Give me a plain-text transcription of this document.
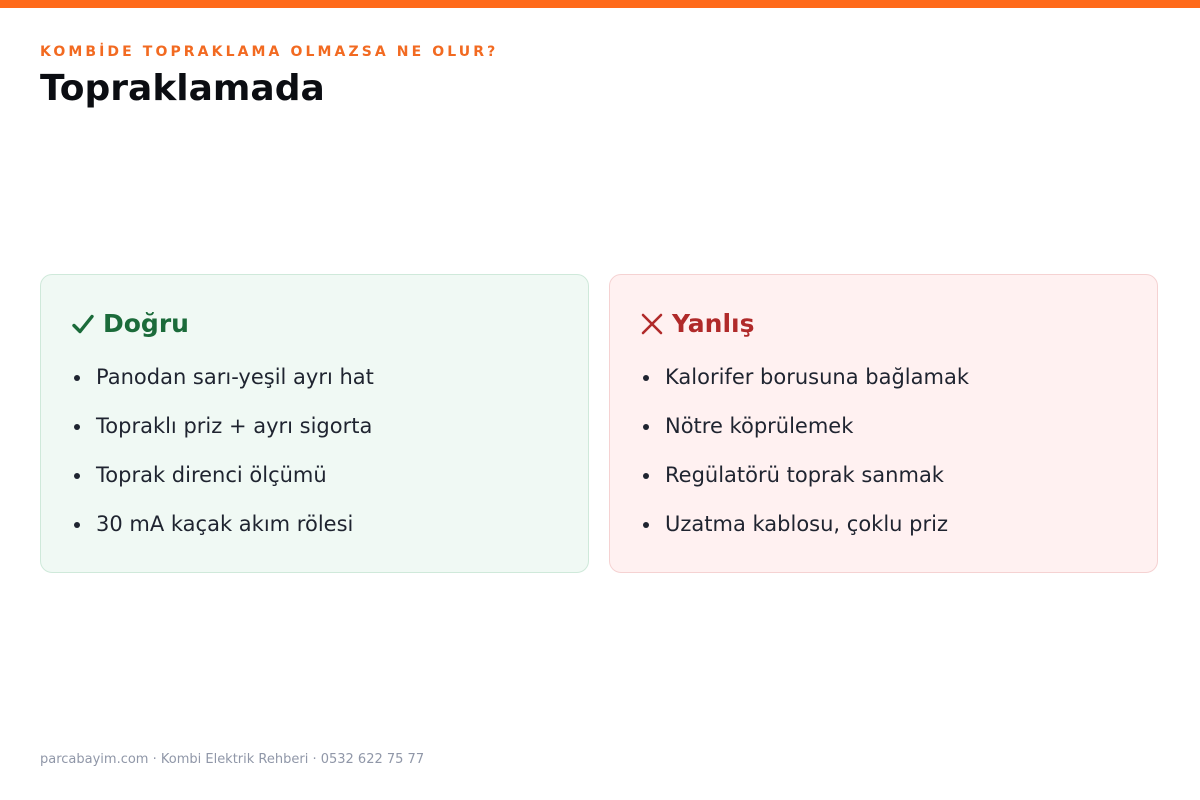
KOMBİDE TOPRAKLAMA OLMAZSA NE OLUR?
Topraklamada
Doğru
Panodan sarı-yeşil ayrı hat
Topraklı priz + ayrı sigorta
Toprak direnci ölçümü
30 mA kaçak akım rölesi
Yanlış
Kalorifer borusuna bağlamak
Nötre köprülemek
Regülatörü toprak sanmak
Uzatma kablosu, çoklu priz
parcabayim.com · Kombi Elektrik Rehberi · 0532 622 75 77
